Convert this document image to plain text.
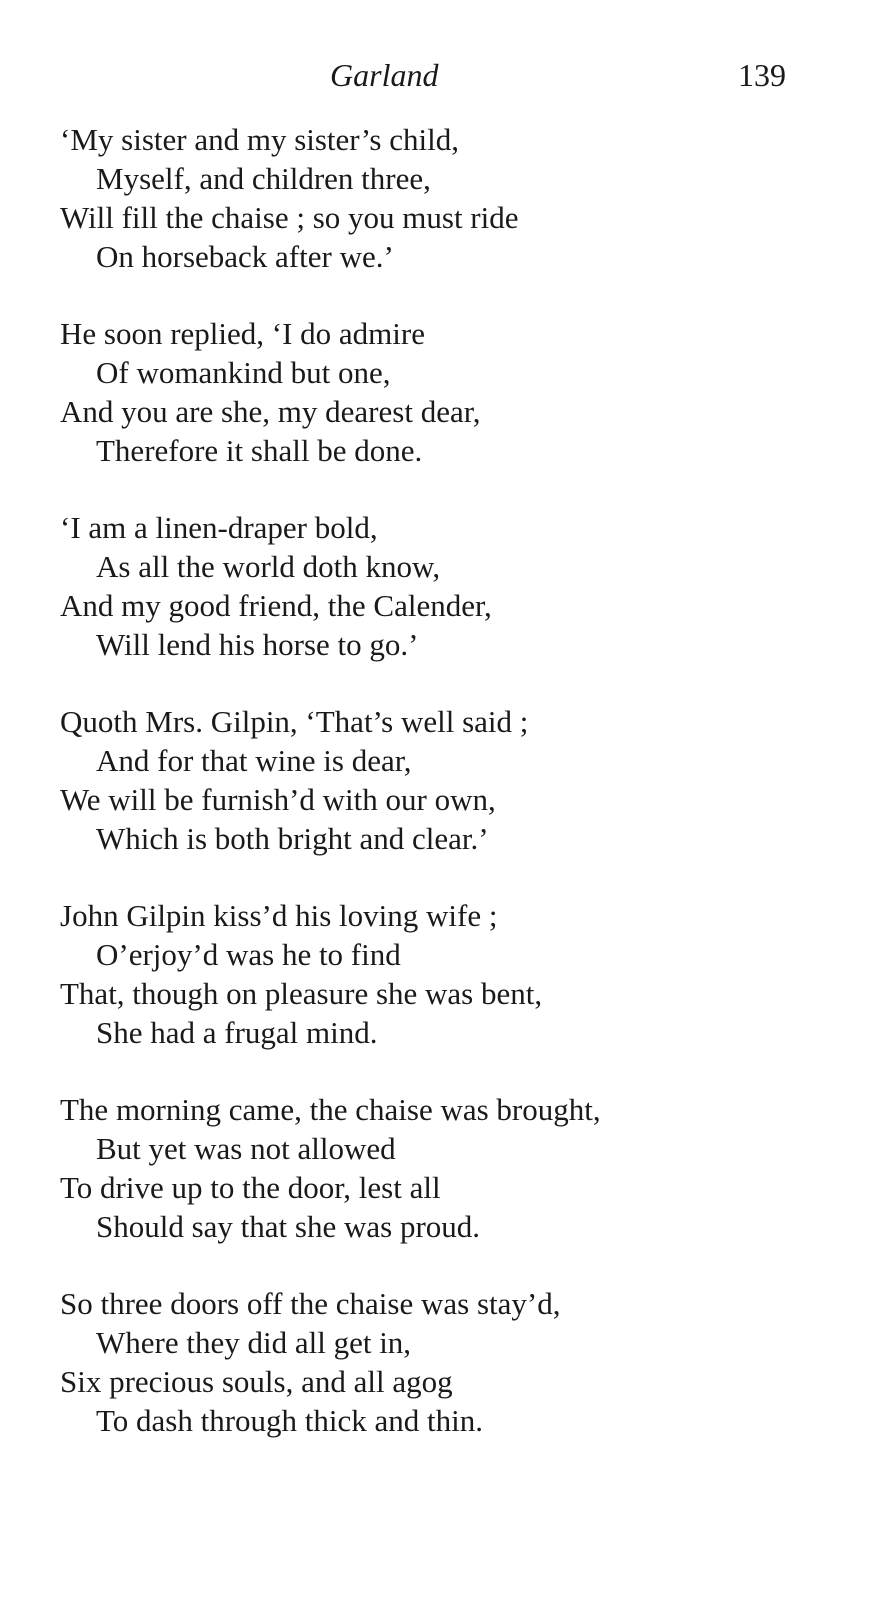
Garland	139
‘My sister and my sister’s child,
Myself, and children three,
Will fill the chaise ; so you must ride
On horseback after we.’
He soon replied, ‘I do admire
Of womankind but one,
And you are she, my dearest dear,
Therefore it shall be done.
‘I am a linen-draper bold,
As all the world doth know,
And my good friend, the Calender,
Will lend his horse to go.’
Quoth Mrs. Gilpin, ‘That’s well said ;
And for that wine is dear,
We will be furnish’d with our own,
Which is both bright and clear.’
John Gilpin kiss’d his loving wife ;
O’erjoy’d was he to find
That, though on pleasure she was bent,
She had a frugal mind.
The morning came, the chaise was brought,
But yet was not allowed
To drive up to the door, lest all
Should say that she was proud.
So three doors off the chaise was stay’d,
Where they did all get in,
Six precious souls, and all agog
To dash through thick and thin.
